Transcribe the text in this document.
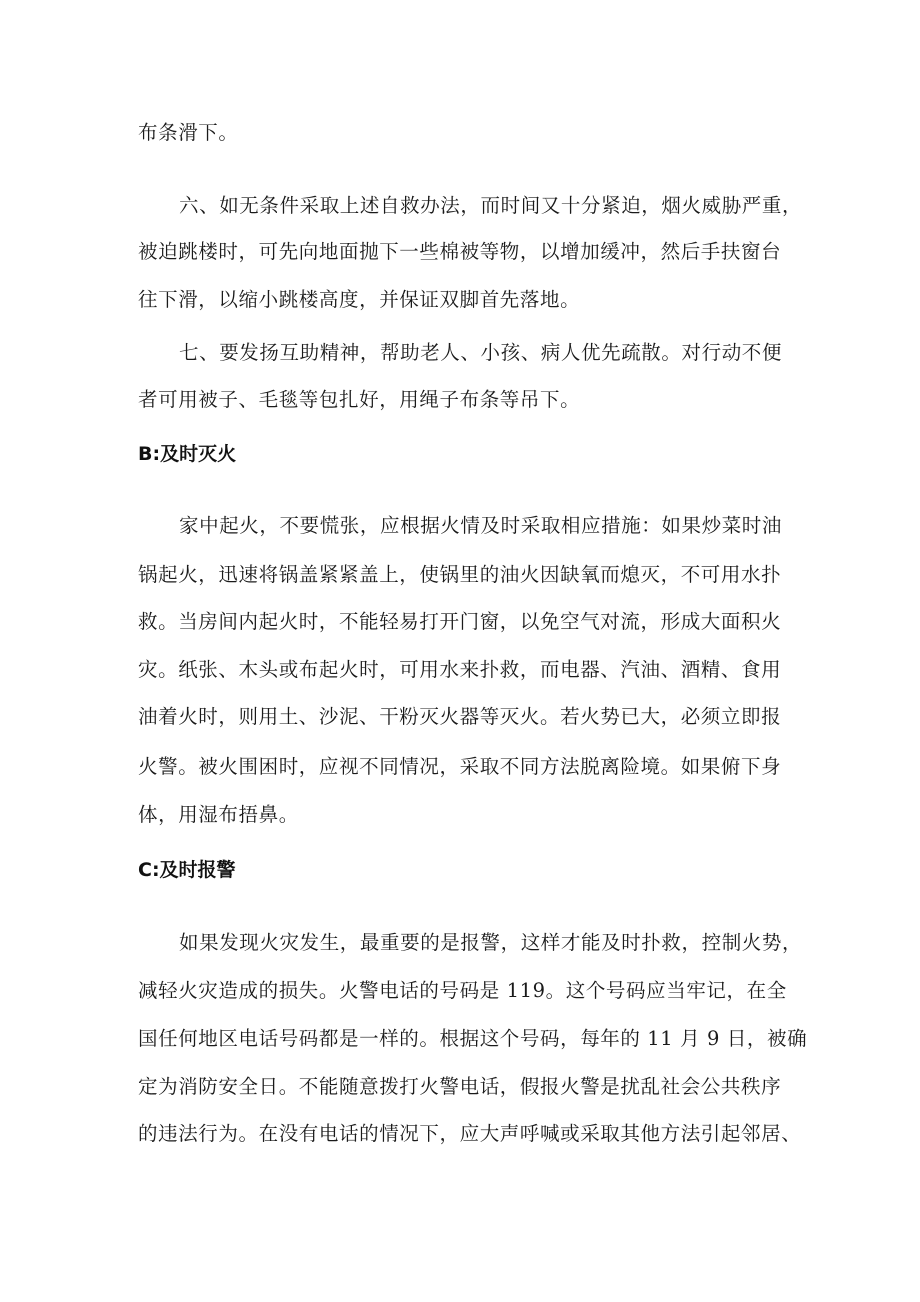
布条滑下。
六、如无条件采取上述自救办法，而时间又十分紧迫，烟火威胁严重，
被迫跳楼时，可先向地面抛下一些棉被等物，以增加缓冲，然后手扶窗台
往下滑，以缩小跳楼高度，并保证双脚首先落地。
七、要发扬互助精神，帮助老人、小孩、病人优先疏散。对行动不便
者可用被子、毛毯等包扎好，用绳子布条等吊下。
B:及时灭火
家中起火，不要慌张，应根据火情及时采取相应措施：如果炒菜时油
锅起火，迅速将锅盖紧紧盖上，使锅里的油火因缺氧而熄灭，不可用水扑
救。当房间内起火时，不能轻易打开门窗，以免空气对流，形成大面积火
灾。纸张、木头或布起火时，可用水来扑救，而电器、汽油、酒精、食用
油着火时，则用土、沙泥、干粉灭火器等灭火。若火势已大，必须立即报
火警。被火围困时，应视不同情况，采取不同方法脱离险境。如果俯下身
体，用湿布捂鼻。
C:及时报警
如果发现火灾发生，最重要的是报警，这样才能及时扑救，控制火势，
减轻火灾造成的损失。火警电话的号码是 119。这个号码应当牢记，在全
国任何地区电话号码都是一样的。根据这个号码，每年的 11 月 9 日，被确
定为消防安全日。不能随意拨打火警电话，假报火警是扰乱社会公共秩序
的违法行为。在没有电话的情况下，应大声呼喊或采取其他方法引起邻居、
